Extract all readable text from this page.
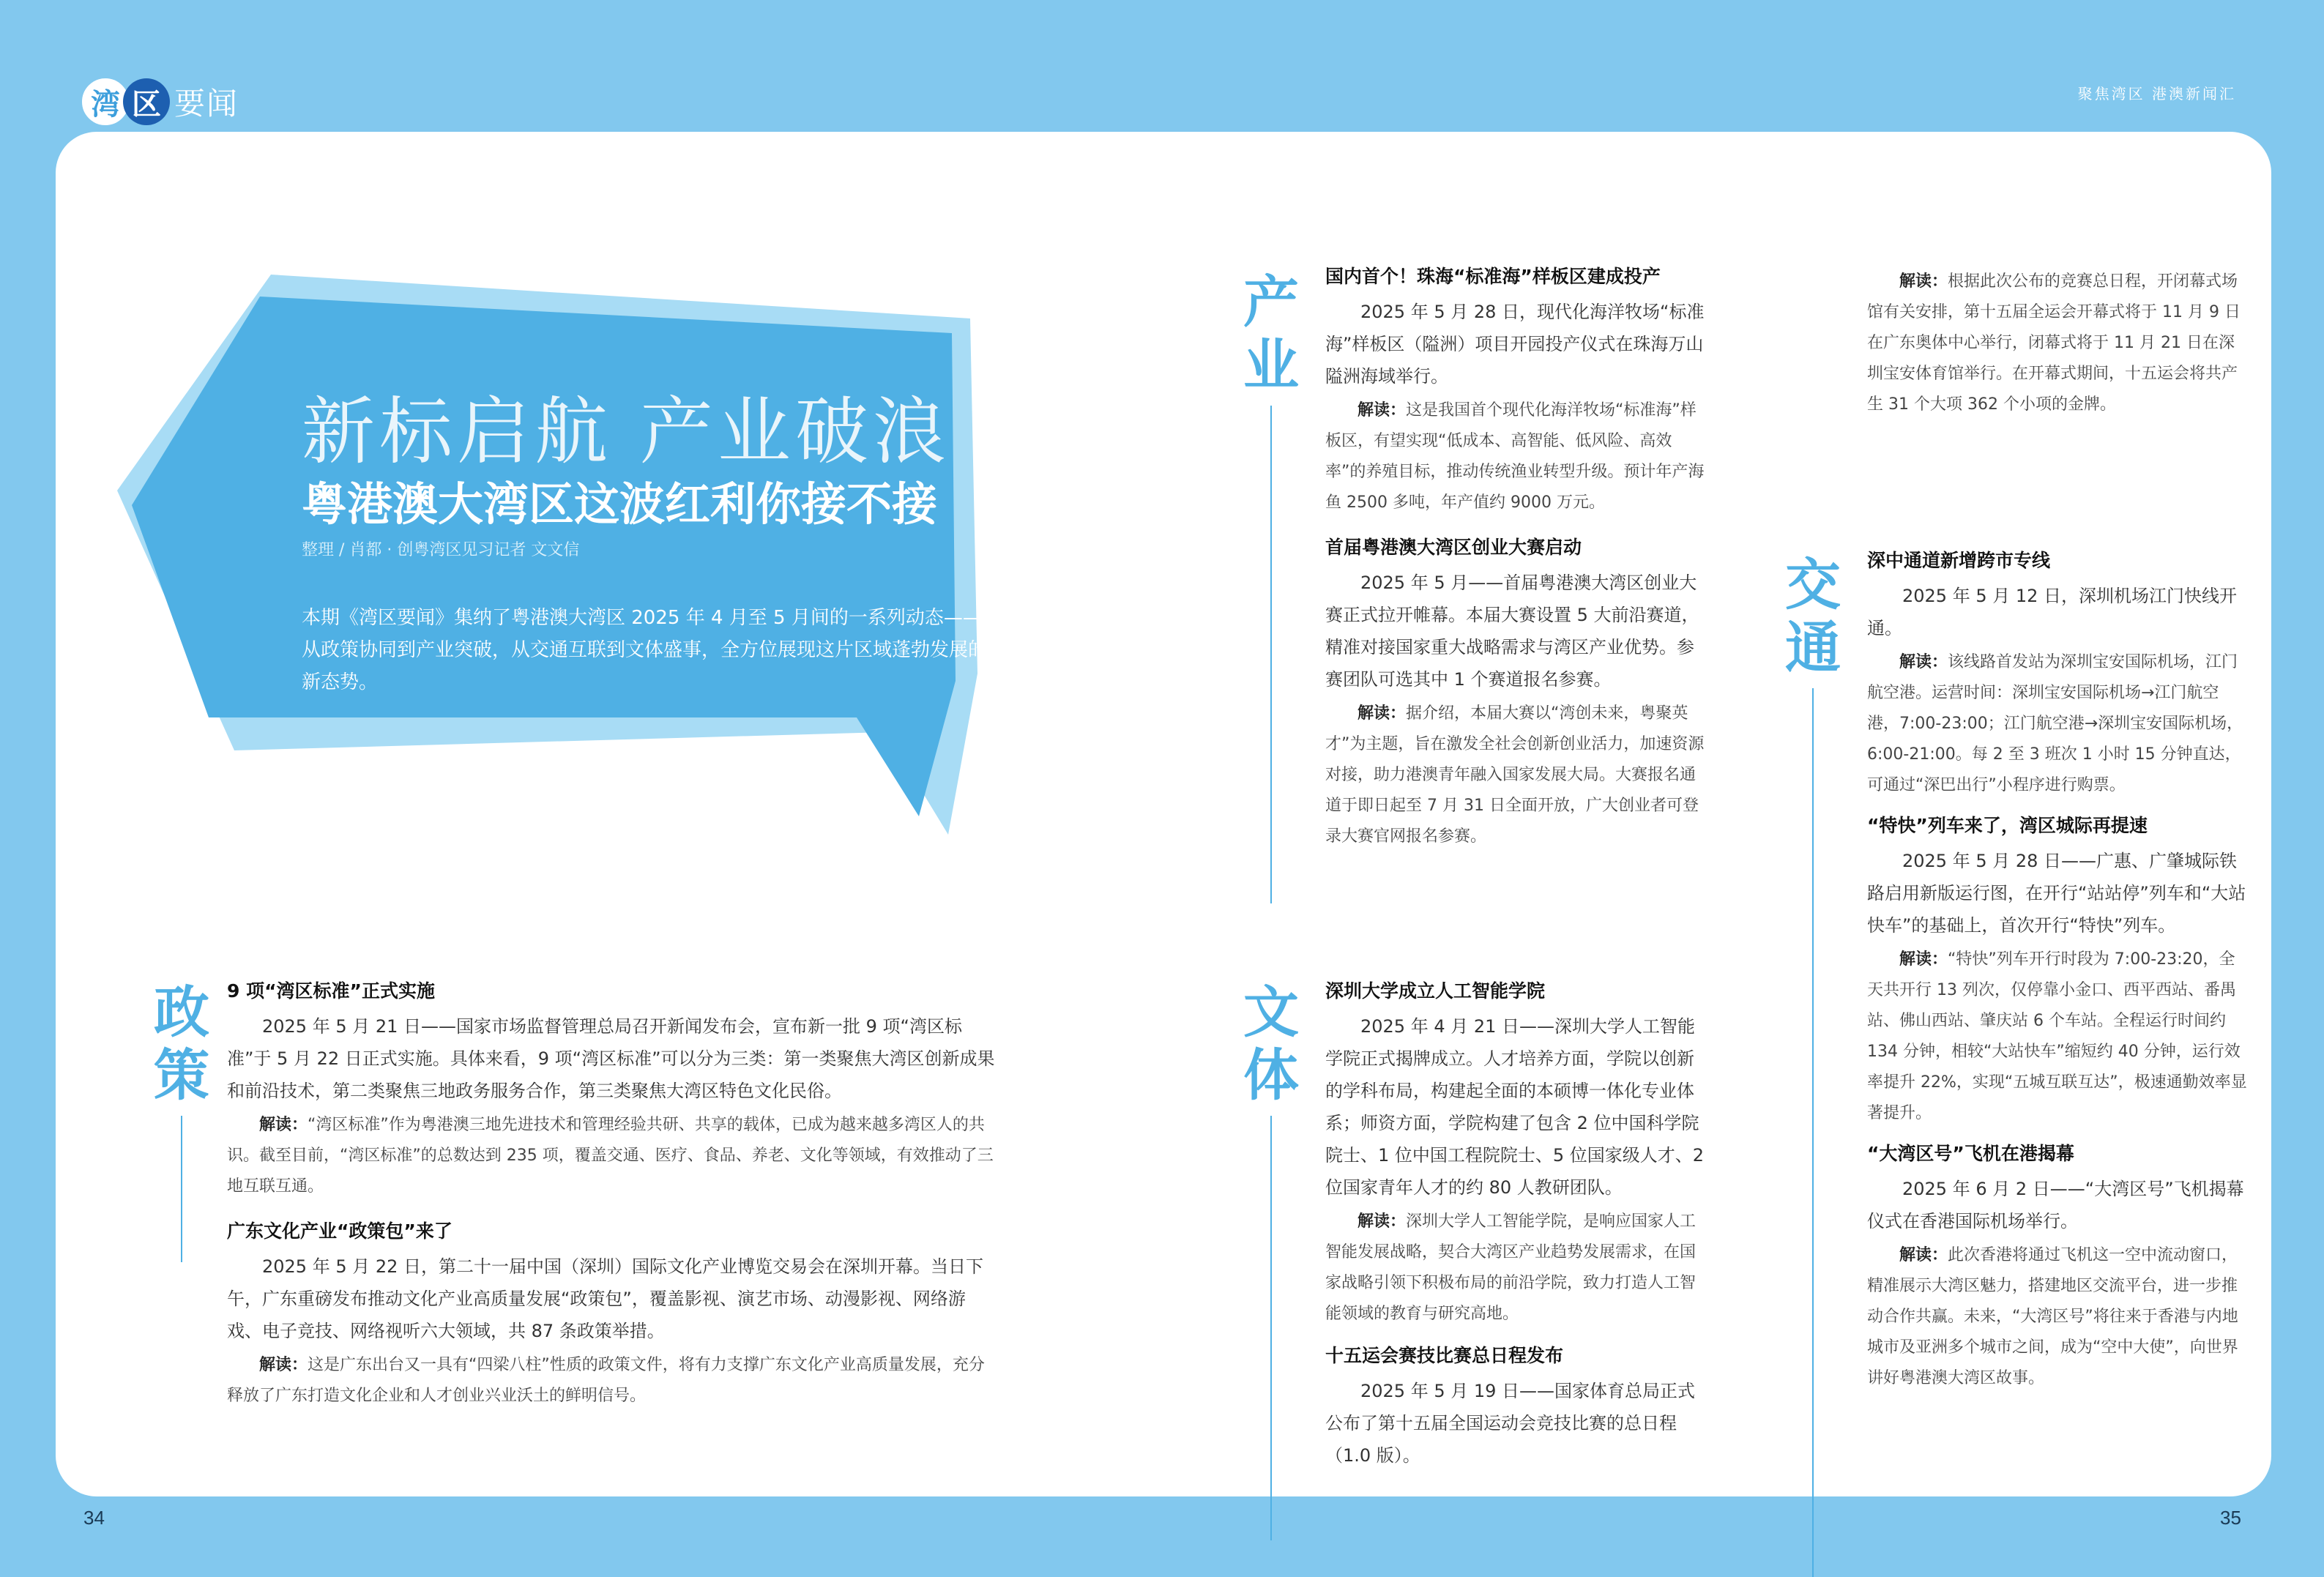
湾 区 要闻	聚焦湾区 港澳新闻汇
新标启航 产业破浪
粤港澳大湾区这波红利你接不接
整理 / 肖都 · 创粤湾区见习记者 文文信
本期《湾区要闻》集纳了粤港澳大湾区 2025 年 4 月至 5 月间的一系列动态——从政策协同到产业突破，从交通互联到文体盛事，全方位展现这片区域蓬勃发展的新态势。
政策
产业
文体
交通
9 项“湾区标准”正式实施

2025 年 5 月 21 日——国家市场监督管理总局召开新闻发布会，宣布新一批 9 项“湾区标准”于 5 月 22 日正式实施。具体来看，9 项“湾区标准”可以分为三类：第一类聚焦大湾区创新成果和前沿技术，第二类聚焦三地政务服务合作，第三类聚焦大湾区特色文化民俗。

解读：“湾区标准”作为粤港澳三地先进技术和管理经验共研、共享的载体，已成为越来越多湾区人的共识。截至目前，“湾区标准”的总数达到 235 项，覆盖交通、医疗、食品、养老、文化等领域，有效推动了三地互联互通。

广东文化产业“政策包”来了

2025 年 5 月 22 日，第二十一届中国（深圳）国际文化产业博览交易会在深圳开幕。当日下午，广东重磅发布推动文化产业高质量发展“政策包”，覆盖影视、演艺市场、动漫影视、网络游戏、电子竞技、网络视听六大领域，共 87 条政策举措。

解读：这是广东出台又一具有“四梁八柱”性质的政策文件，将有力支撑广东文化产业高质量发展，充分释放了广东打造文化企业和人才创业兴业沃土的鲜明信号。

国内首个！珠海“标准海”样板区建成投产

2025 年 5 月 28 日，现代化海洋牧场“标准海”样板区（隘洲）项目开园投产仪式在珠海万山隘洲海域举行。

解读：这是我国首个现代化海洋牧场“标准海”样板区，有望实现“低成本、高智能、低风险、高效率”的养殖目标，推动传统渔业转型升级。预计年产海鱼 2500 多吨，年产值约 9000 万元。

首届粤港澳大湾区创业大赛启动

2025 年 5 月——首届粤港澳大湾区创业大赛正式拉开帷幕。本届大赛设置 5 大前沿赛道，精准对接国家重大战略需求与湾区产业优势。参赛团队可选其中 1 个赛道报名参赛。

解读：据介绍，本届大赛以“湾创未来，粤聚英才”为主题，旨在激发全社会创新创业活力，加速资源对接，助力港澳青年融入国家发展大局。大赛报名通道于即日起至 7 月 31 日全面开放，广大创业者可登录大赛官网报名参赛。

深圳大学成立人工智能学院

2025 年 4 月 21 日——深圳大学人工智能学院正式揭牌成立。人才培养方面，学院以创新的学科布局，构建起全面的本硕博一体化专业体系；师资方面，学院构建了包含 2 位中国科学院院士、1 位中国工程院院士、5 位国家级人才、2 位国家青年人才的约 80 人教研团队。

解读：深圳大学人工智能学院，是响应国家人工智能发展战略，契合大湾区产业趋势发展需求，在国家战略引领下积极布局的前沿学院，致力打造人工智能领域的教育与研究高地。

十五运会赛技比赛总日程发布

2025 年 5 月 19 日——国家体育总局正式公布了第十五届全国运动会竞技比赛的总日程（1.0 版）。

解读：根据此次公布的竞赛总日程，开闭幕式场馆有关安排，第十五届全运会开幕式将于 11 月 9 日在广东奥体中心举行，闭幕式将于 11 月 21 日在深圳宝安体育馆举行。在开幕式期间，十五运会将共产生 31 个大项 362 个小项的金牌。

深中通道新增跨市专线

2025 年 5 月 12 日，深圳机场江门快线开通。

解读：该线路首发站为深圳宝安国际机场，江门航空港。运营时间：深圳宝安国际机场→江门航空港，7:00-23:00；江门航空港→深圳宝安国际机场，6:00-21:00。每 2 至 3 班次 1 小时 15 分钟直达，可通过“深巴出行”小程序进行购票。

“特快”列车来了，湾区城际再提速

2025 年 5 月 28 日——广惠、广肇城际铁路启用新版运行图，在开行“站站停”列车和“大站快车”的基础上，首次开行“特快”列车。

解读：“特快”列车开行时段为 7:00-23:20，全天共开行 13 列次，仅停靠小金口、西平西站、番禺站、佛山西站、肇庆站 6 个车站。全程运行时间约 134 分钟，相较“大站快车”缩短约 40 分钟，运行效率提升 22%，实现“五城互联互达”，极速通勤效率显著提升。

“大湾区号”飞机在港揭幕

2025 年 6 月 2 日——“大湾区号”飞机揭幕仪式在香港国际机场举行。

解读：此次香港将通过飞机这一空中流动窗口，精准展示大湾区魅力，搭建地区交流平台，进一步推动合作共赢。未来，“大湾区号”将往来于香港与内地城市及亚洲多个城市之间，成为“空中大使”，向世界讲好粤港澳大湾区故事。

34	35
